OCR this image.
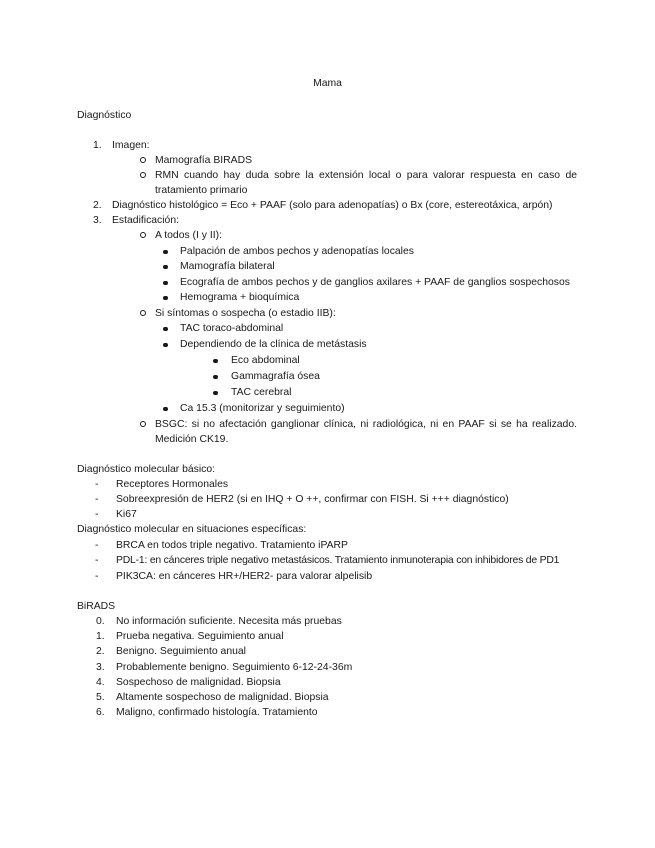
Mama
Diagnóstico
1. Imagen:
Mamografía BIRADS
RMN cuando hay duda sobre la extensión local o para valorar respuesta en caso de
tratamiento primario
2. Diagnóstico histológico = Eco + PAAF (solo para adenopatías) o Bx (core, estereotáxica, arpón)
3. Estadificación:
A todos (I y II):
Palpación de ambos pechos y adenopatías locales
Mamografía bilateral
Ecografía de ambos pechos y de ganglios axilares + PAAF de ganglios sospechosos
Hemograma + bioquímica
Si síntomas o sospecha (o estadio IIB):
TAC toraco-abdominal
Dependiendo de la clínica de metástasis
Eco abdominal
Gammagrafía ósea
TAC cerebral
Ca 15.3 (monitorizar y seguimiento)
BSGC: si no afectación ganglionar clínica, ni radiológica, ni en PAAF si se ha realizado.
Medición CK19.
Diagnóstico molecular básico:
- Receptores Hormonales
- Sobreexpresión de HER2 (si en IHQ + O ++, confirmar con FISH. Si +++ diagnóstico)
- Ki67
Diagnóstico molecular en situaciones específicas:
- BRCA en todos triple negativo. Tratamiento iPARP
- PDL-1: en cánceres triple negativo metastásicos. Tratamiento inmunoterapia con inhibidores de PD1
- PIK3CA: en cánceres HR+/HER2- para valorar alpelisib
BiRADS
0. No información suficiente. Necesita más pruebas
1. Prueba negativa. Seguimiento anual
2. Benigno. Seguimiento anual
3. Probablemente benigno. Seguimiento 6-12-24-36m
4. Sospechoso de malignidad. Biopsia
5. Altamente sospechoso de malignidad. Biopsia
6. Maligno, confirmado histología. Tratamiento
